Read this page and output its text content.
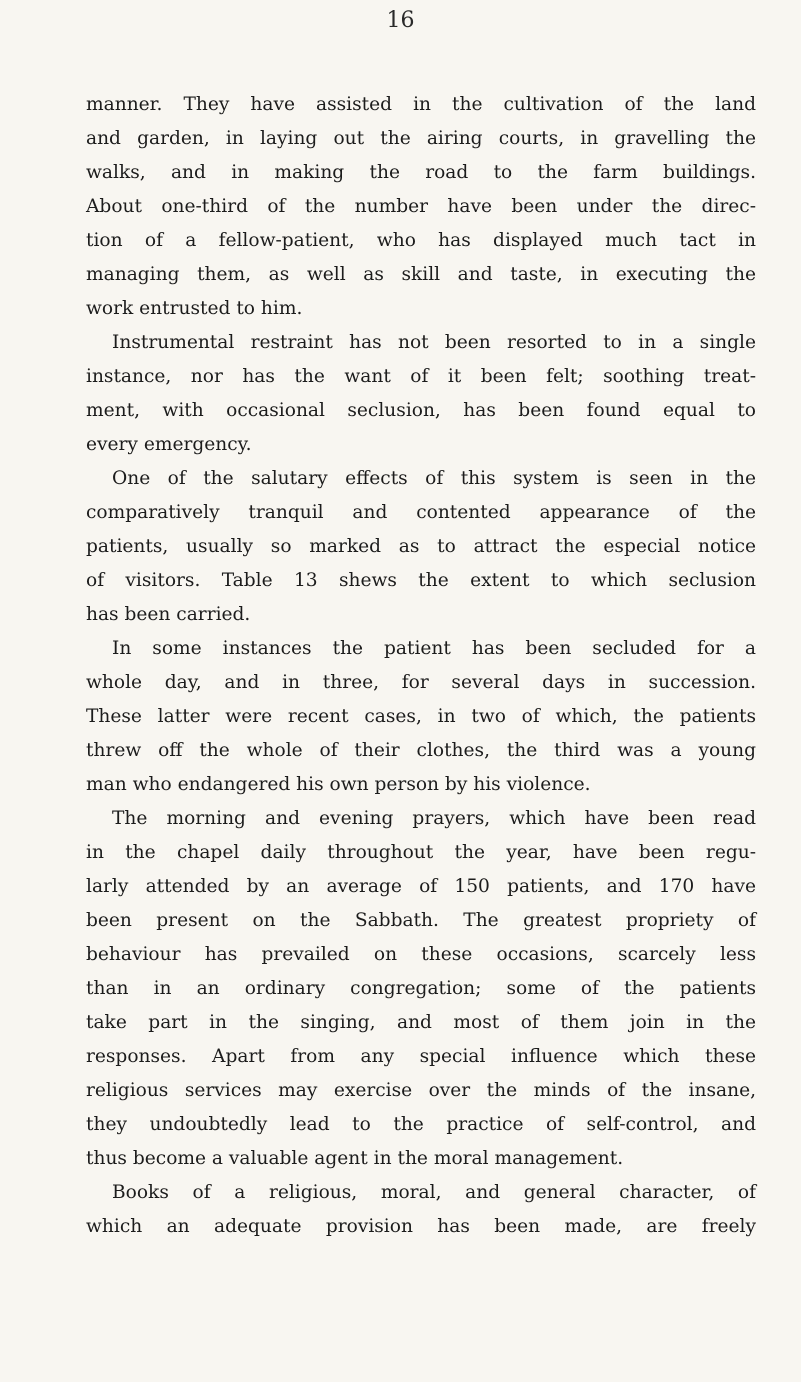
16
manner. They have assisted in the cultivation of the land
and garden, in laying out the airing courts, in gravelling the
walks, and in making the road to the farm buildings.
About one-third of the number have been under the direc-
tion of a fellow-patient, who has displayed much tact in
managing them, as well as skill and taste, in executing the
work entrusted to him.
Instrumental restraint has not been resorted to in a single
instance, nor has the want of it been felt; soothing treat-
ment, with occasional seclusion, has been found equal to
every emergency.
One of the salutary effects of this system is seen in the
comparatively tranquil and contented appearance of the
patients, usually so marked as to attract the especial notice
of visitors. Table 13 shews the extent to which seclusion
has been carried.
In some instances the patient has been secluded for a
whole day, and in three, for several days in succession.
These latter were recent cases, in two of which, the patients
threw off the whole of their clothes, the third was a young
man who endangered his own person by his violence.
The morning and evening prayers, which have been read
in the chapel daily throughout the year, have been regu-
larly attended by an average of 150 patients, and 170 have
been present on the Sabbath. The greatest propriety of
behaviour has prevailed on these occasions, scarcely less
than in an ordinary congregation; some of the patients
take part in the singing, and most of them join in the
responses. Apart from any special influence which these
religious services may exercise over the minds of the insane,
they undoubtedly lead to the practice of self-control, and
thus become a valuable agent in the moral management.
Books of a religious, moral, and general character, of
which an adequate provision has been made, are freely
